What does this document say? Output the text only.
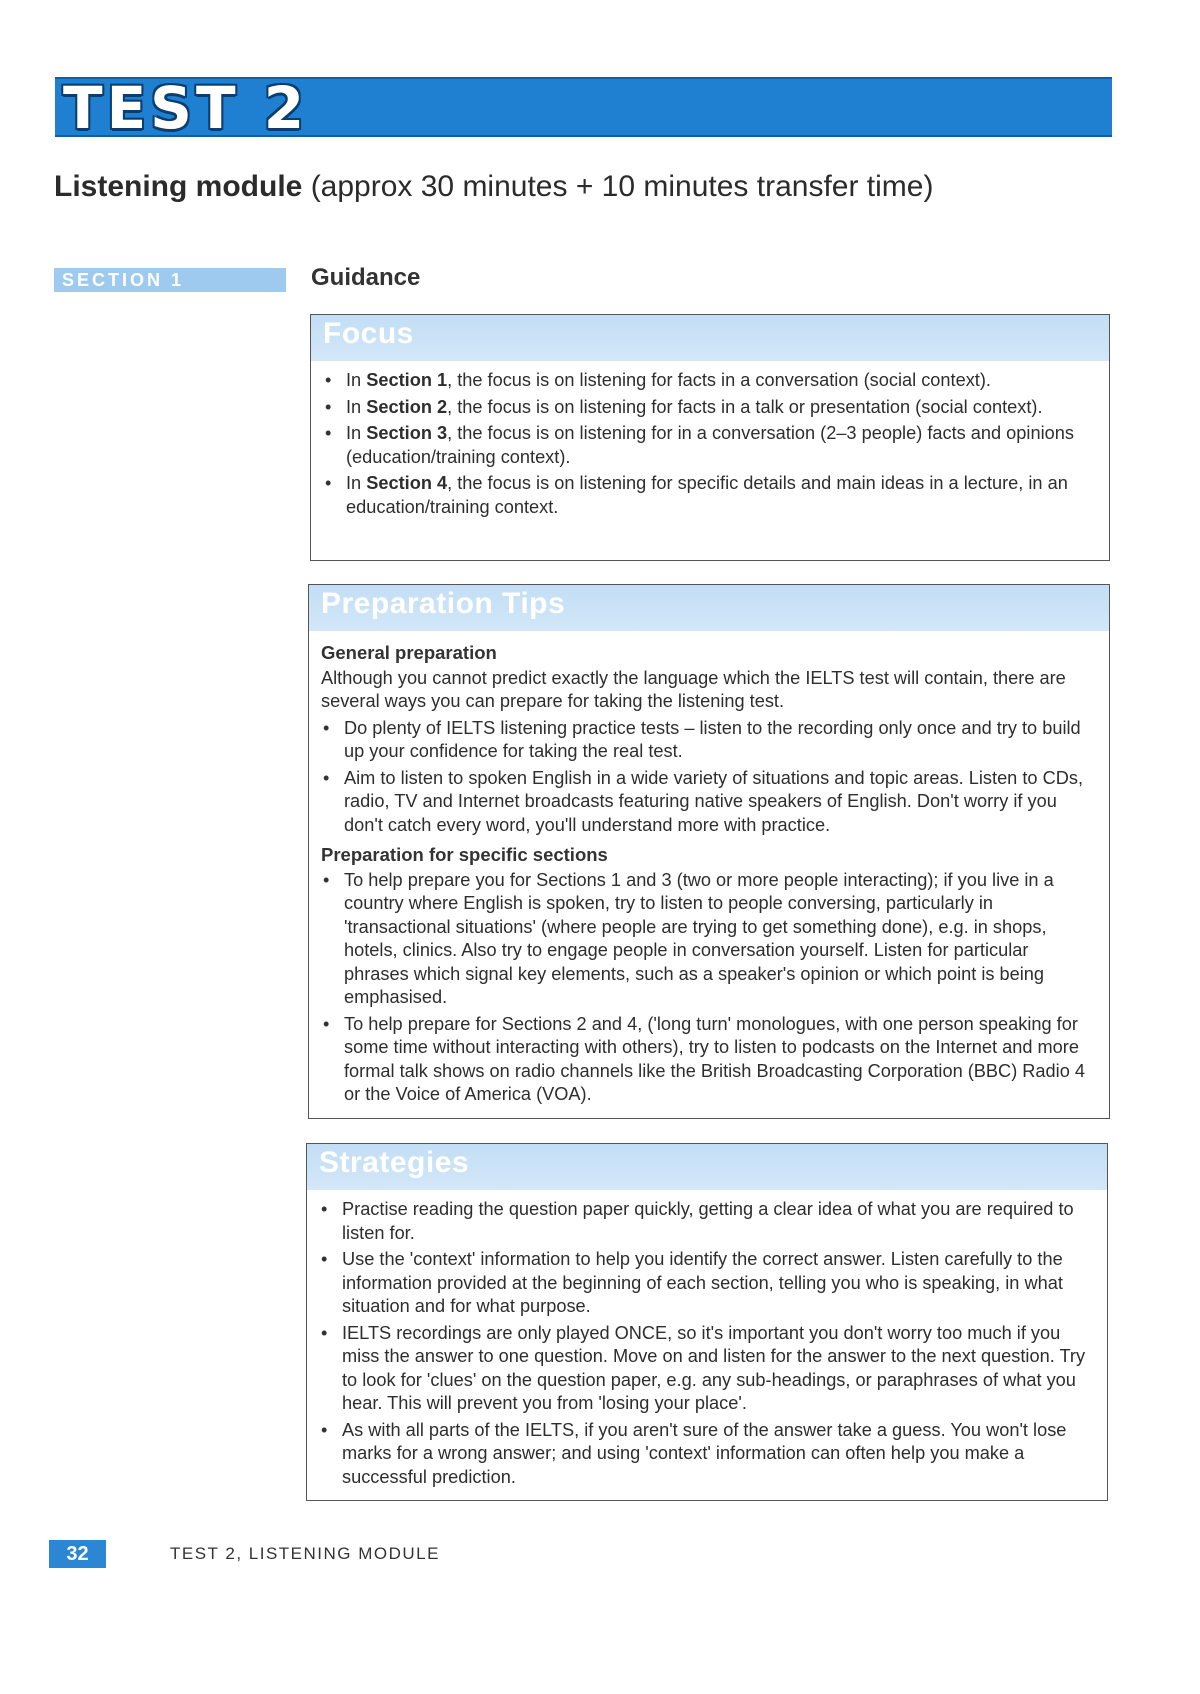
TEST 2
Listening module (approx 30 minutes + 10 minutes transfer time)
SECTION 1	Guidance
Focus
• In Section 1, the focus is on listening for facts in a conversation (social context).
• In Section 2, the focus is on listening for facts in a talk or presentation (social context).
• In Section 3, the focus is on listening for in a conversation (2–3 people) facts and opinions (education/training context).
• In Section 4, the focus is on listening for specific details and main ideas in a lecture, in an education/training context.
Preparation Tips
General preparation
Although you cannot predict exactly the language which the IELTS test will contain, there are several ways you can prepare for taking the listening test.
• Do plenty of IELTS listening practice tests – listen to the recording only once and try to build up your confidence for taking the real test.
• Aim to listen to spoken English in a wide variety of situations and topic areas. Listen to CDs, radio, TV and Internet broadcasts featuring native speakers of English. Don't worry if you don't catch every word, you'll understand more with practice.
Preparation for specific sections
• To help prepare you for Sections 1 and 3 (two or more people interacting); if you live in a country where English is spoken, try to listen to people conversing, particularly in 'transactional situations' (where people are trying to get something done), e.g. in shops, hotels, clinics. Also try to engage people in conversation yourself. Listen for particular phrases which signal key elements, such as a speaker's opinion or which point is being emphasised.
• To help prepare for Sections 2 and 4, ('long turn' monologues, with one person speaking for some time without interacting with others), try to listen to podcasts on the Internet and more formal talk shows on radio channels like the British Broadcasting Corporation (BBC) Radio 4 or the Voice of America (VOA).
Strategies
• Practise reading the question paper quickly, getting a clear idea of what you are required to listen for.
• Use the 'context' information to help you identify the correct answer. Listen carefully to the information provided at the beginning of each section, telling you who is speaking, in what situation and for what purpose.
• IELTS recordings are only played ONCE, so it's important you don't worry too much if you miss the answer to one question. Move on and listen for the answer to the next question. Try to look for 'clues' on the question paper, e.g. any sub-headings, or paraphrases of what you hear. This will prevent you from 'losing your place'.
• As with all parts of the IELTS, if you aren't sure of the answer take a guess. You won't lose marks for a wrong answer; and using 'context' information can often help you make a successful prediction.
32	TEST 2, LISTENING MODULE
